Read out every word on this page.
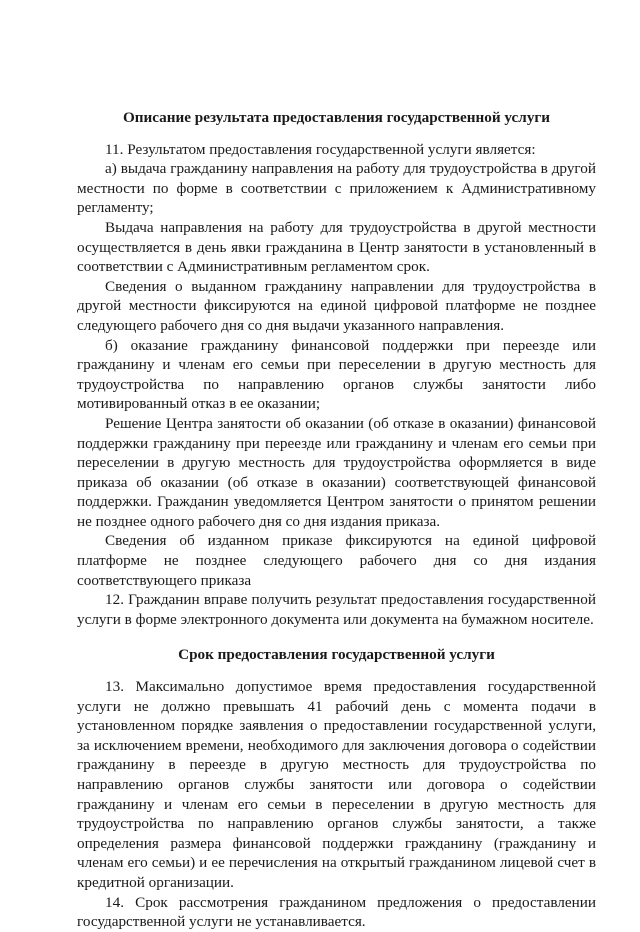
Описание результата предоставления государственной услуги

11. Результатом предоставления государственной услуги является:

а) выдача гражданину направления на работу для трудоустройства в другой местности по форме в соответствии с приложением к Административному регламенту;

Выдача направления на работу для трудоустройства в другой местности осуществляется в день явки гражданина в Центр занятости в установленный в соответствии с Административным регламентом срок.

Сведения о выданном гражданину направлении для трудоустройства в другой местности фиксируются на единой цифровой платформе не позднее следующего рабочего дня со дня выдачи указанного направления.

б) оказание гражданину финансовой поддержки при переезде или гражданину и членам его семьи при переселении в другую местность для трудоустройства по направлению органов службы занятости либо мотивированный отказ в ее оказании;

Решение Центра занятости об оказании (об отказе в оказании) финансовой поддержки гражданину при переезде или гражданину и членам его семьи при переселении в другую местность для трудоустройства оформляется в виде приказа об оказании (об отказе в оказании) соответствующей финансовой поддержки. Гражданин уведомляется Центром занятости о принятом решении не позднее одного рабочего дня со дня издания приказа.

Сведения об изданном приказе фиксируются на единой цифровой платформе не позднее следующего рабочего дня со дня издания соответствующего приказа

12. Гражданин вправе получить результат предоставления государственной услуги в форме электронного документа или документа на бумажном носителе.

Срок предоставления государственной услуги

13. Максимально допустимое время предоставления государственной услуги не должно превышать 41 рабочий день с момента подачи в установленном порядке заявления о предоставлении государственной услуги, за исключением времени, необходимого для заключения договора о содействии гражданину в переезде в другую местность для трудоустройства по направлению органов службы занятости или договора о содействии гражданину и членам его семьи в переселении в другую местность для трудоустройства по направлению органов службы занятости, а также определения размера финансовой поддержки гражданину (гражданину и членам его семьи) и ее перечисления на открытый гражданином лицевой счет в кредитной организации.

14. Срок рассмотрения гражданином предложения о предоставлении государственной услуги не устанавливается.
